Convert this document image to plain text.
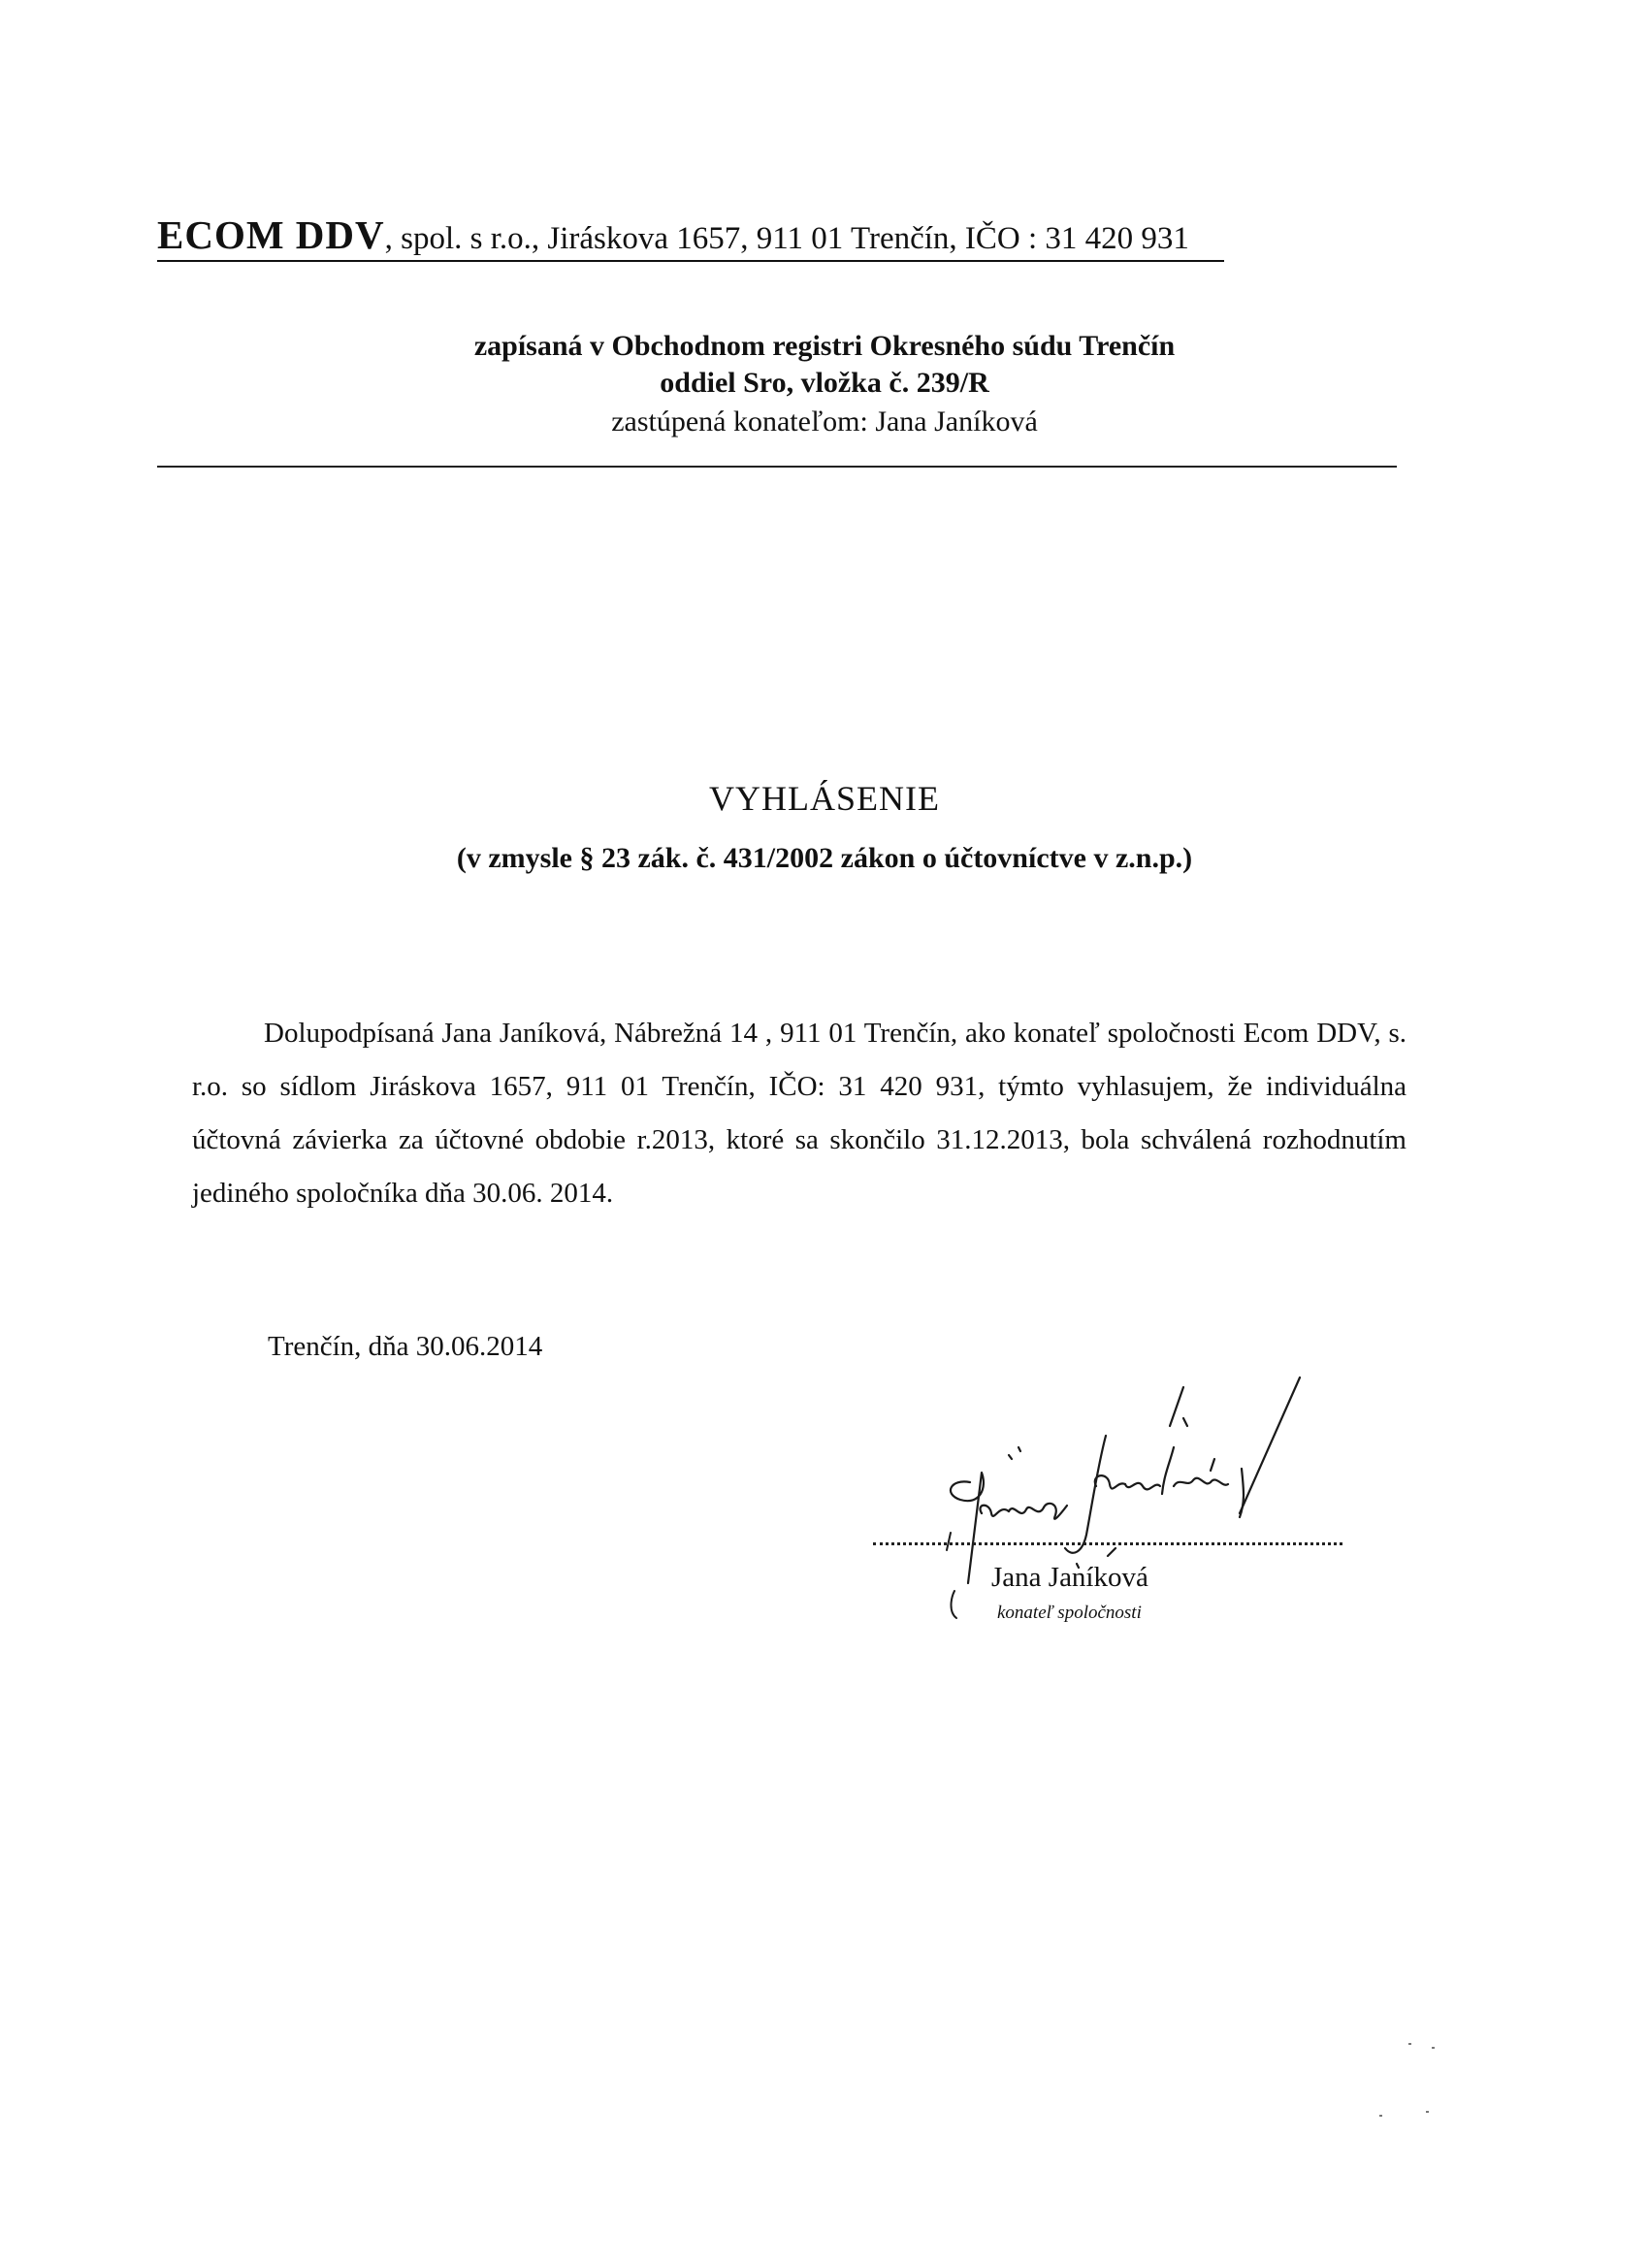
ECOM DDV, spol. s r.o., Jiráskova 1657, 911 01 Trenčín, IČO : 31 420 931
zapísaná v Obchodnom registri Okresného súdu Trenčín
oddiel Sro, vložka č. 239/R
zastúpená konateľom: Jana Janíková
VYHLÁSENIE
(v zmysle § 23 zák. č. 431/2002 zákon o účtovníctve v z.n.p.)
Dolupodpísaná Jana Janíková, Nábrežná 14 , 911 01 Trenčín, ako konateľ spoločnosti Ecom DDV, s. r.o. so sídlom Jiráskova 1657, 911 01 Trenčín, IČO: 31 420 931, týmto vyhlasujem, že individuálna účtovná závierka za účtovné obdobie r.2013, ktoré sa skončilo 31.12.2013, bola schválená rozhodnutím jediného spoločníka dňa 30.06. 2014.
Trenčín, dňa 30.06.2014
Jana Janíková
konateľ spoločnosti
